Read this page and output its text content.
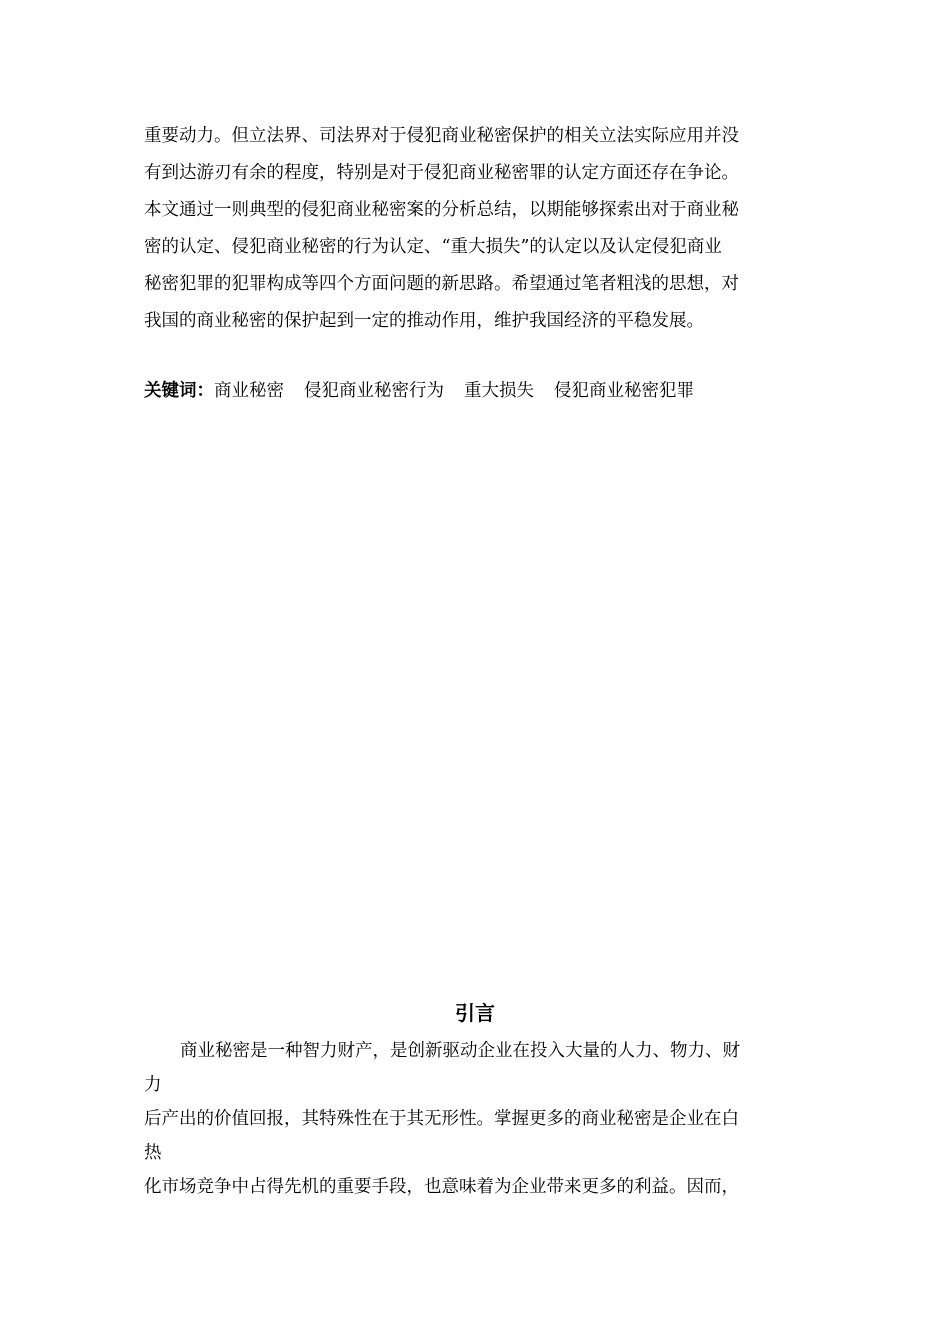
重要动力。但立法界、司法界对于侵犯商业秘密保护的相关立法实际应用并没
有到达游刃有余的程度，特别是对于侵犯商业秘密罪的认定方面还存在争论。
本文通过一则典型的侵犯商业秘密案的分析总结，以期能够探索出对于商业秘
密的认定、侵犯商业秘密的行为认定、“重大损失”的认定以及认定侵犯商业
秘密犯罪的犯罪构成等四个方面问题的新思路。希望通过笔者粗浅的思想，对
我国的商业秘密的保护起到一定的推动作用，维护我国经济的平稳发展。
关键词：商业秘密 侵犯商业秘密行为 重大损失 侵犯商业秘密犯罪
引言
商业秘密是一种智力财产，是创新驱动企业在投入大量的人力、物力、财
力
后产出的价值回报，其特殊性在于其无形性。掌握更多的商业秘密是企业在白
热
化市场竞争中占得先机的重要手段，也意味着为企业带来更多的利益。因而，
